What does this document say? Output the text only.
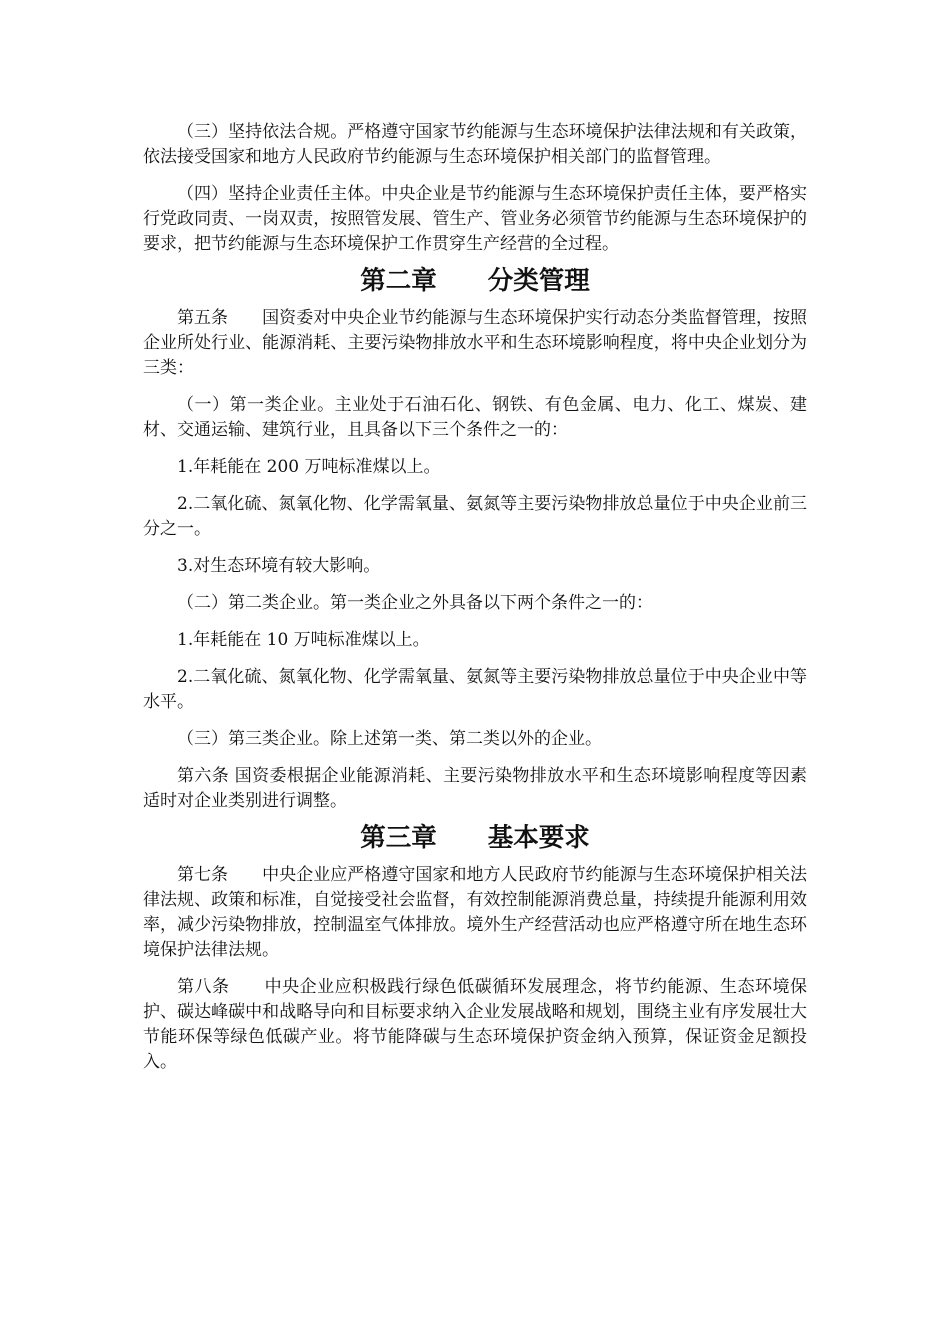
（三）坚持依法合规。严格遵守国家节约能源与生态环境保护法律法规和有关政策，依法接受国家和地方人民政府节约能源与生态环境保护相关部门的监督管理。

（四）坚持企业责任主体。中央企业是节约能源与生态环境保护责任主体，要严格实行党政同责、一岗双责，按照管发展、管生产、管业务必须管节约能源与生态环境保护的要求，把节约能源与生态环境保护工作贯穿生产经营的全过程。

第二章　　分类管理

第五条　　国资委对中央企业节约能源与生态环境保护实行动态分类监督管理，按照企业所处行业、能源消耗、主要污染物排放水平和生态环境影响程度，将中央企业划分为三类：

（一）第一类企业。主业处于石油石化、钢铁、有色金属、电力、化工、煤炭、建材、交通运输、建筑行业，且具备以下三个条件之一的：

1.年耗能在 200 万吨标准煤以上。

2.二氧化硫、氮氧化物、化学需氧量、氨氮等主要污染物排放总量位于中央企业前三分之一。

3.对生态环境有较大影响。

（二）第二类企业。第一类企业之外具备以下两个条件之一的：

1.年耗能在 10 万吨标准煤以上。

2.二氧化硫、氮氧化物、化学需氧量、氨氮等主要污染物排放总量位于中央企业中等水平。

（三）第三类企业。除上述第一类、第二类以外的企业。

第六条 国资委根据企业能源消耗、主要污染物排放水平和生态环境影响程度等因素适时对企业类别进行调整。

第三章　　基本要求

第七条　　中央企业应严格遵守国家和地方人民政府节约能源与生态环境保护相关法律法规、政策和标准，自觉接受社会监督，有效控制能源消费总量，持续提升能源利用效率，减少污染物排放，控制温室气体排放。境外生产经营活动也应严格遵守所在地生态环境保护法律法规。

第八条　　中央企业应积极践行绿色低碳循环发展理念，将节约能源、生态环境保护、碳达峰碳中和战略导向和目标要求纳入企业发展战略和规划，围绕主业有序发展壮大节能环保等绿色低碳产业。将节能降碳与生态环境保护资金纳入预算，保证资金足额投入。
